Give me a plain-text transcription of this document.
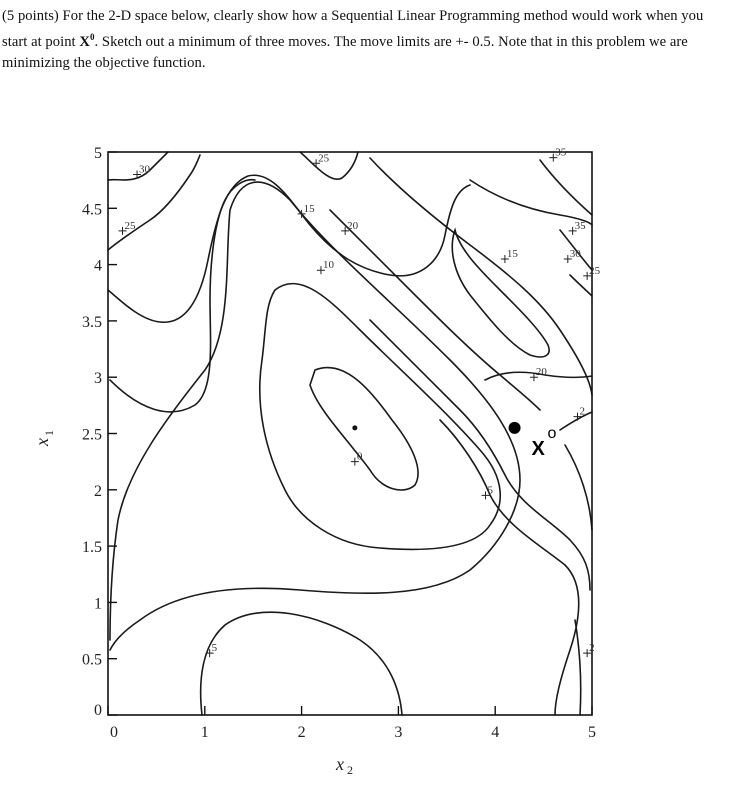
(5 points) For the 2-D space below, clearly show how a Sequential Linear Programming method would work when you start at point $X^0$. Sketch out a minimum of three moves. The move limits are +- 0.5. Note that in this problem we are minimizing the objective function.
0	1	2	3	4	5
0
0.5
1
1.5
2
2.5
3
3.5
4
4.5
5
0
5
5
10
15
15
20
20
25
25
25
30
30
35
35
2
2
x 2
x
1
X
o
